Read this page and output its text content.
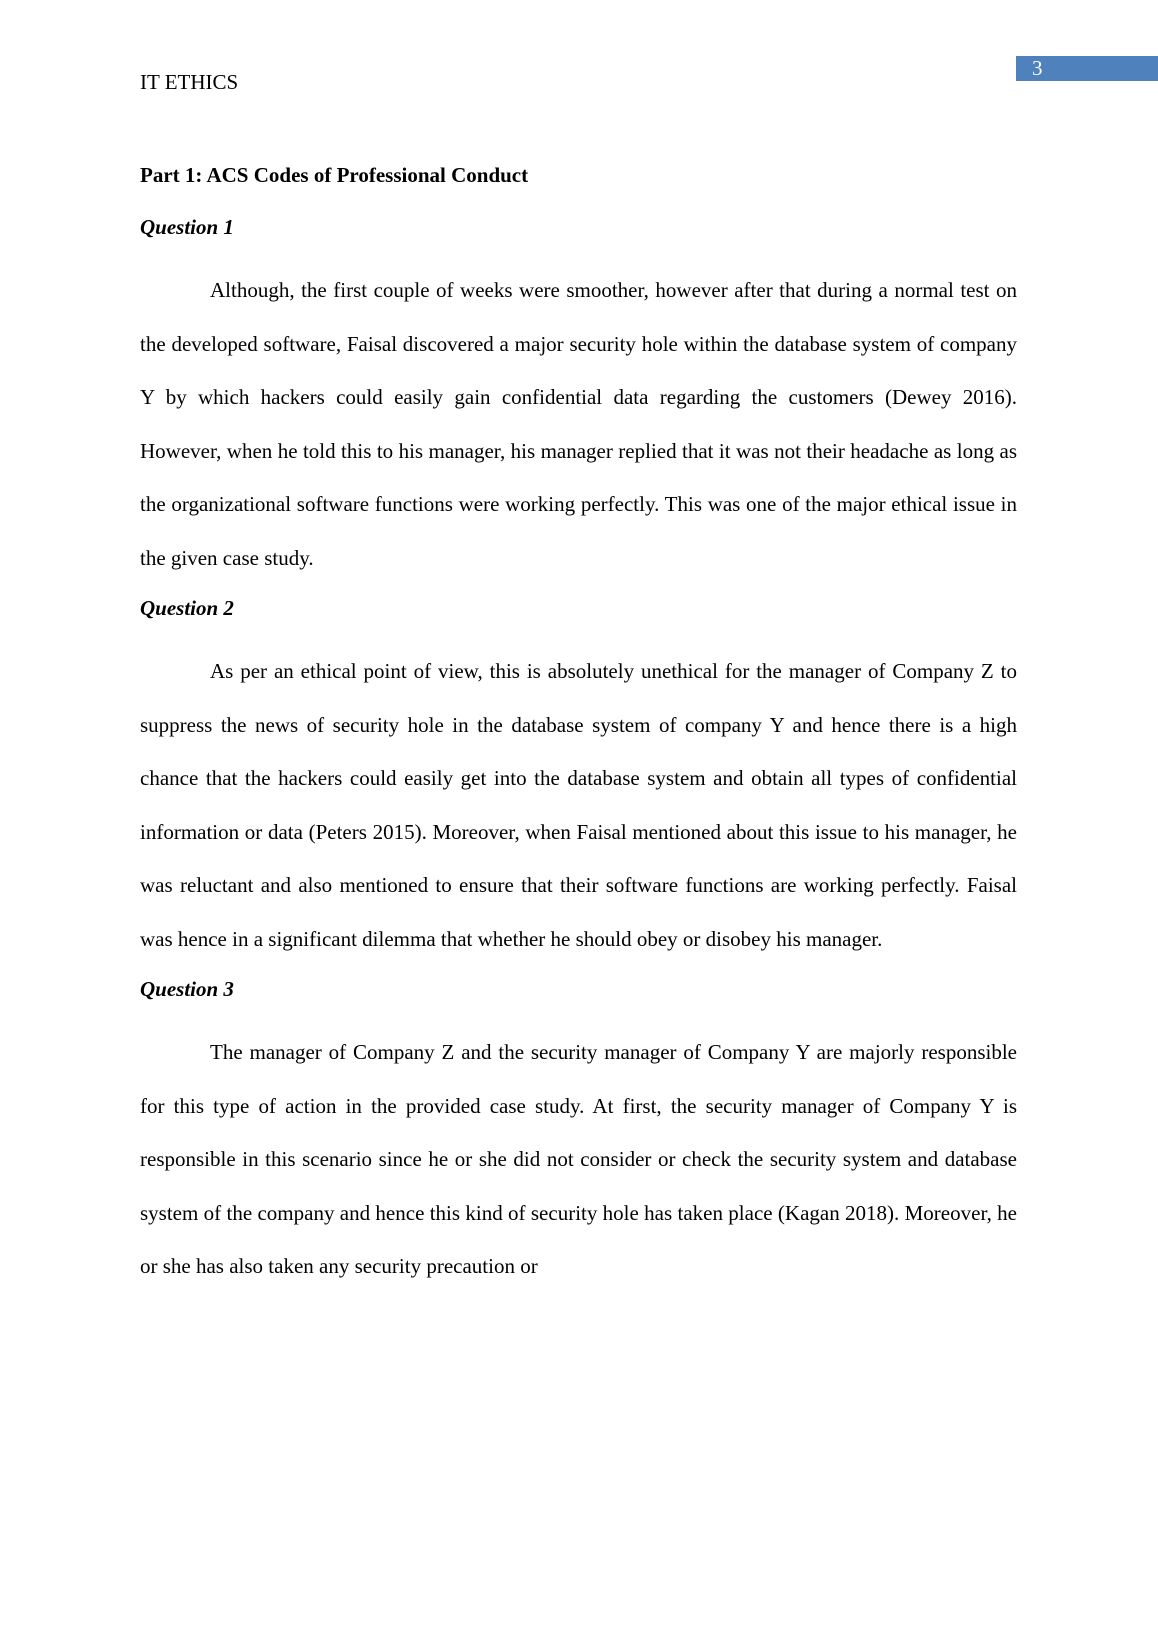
3
IT ETHICS
Part 1: ACS Codes of Professional Conduct
Question 1

Although, the first couple of weeks were smoother, however after that during a normal test on the developed software, Faisal discovered a major security hole within the database system of company Y by which hackers could easily gain confidential data regarding the customers (Dewey 2016). However, when he told this to his manager, his manager replied that it was not their headache as long as the organizational software functions were working perfectly. This was one of the major ethical issue in the given case study.

Question 2

As per an ethical point of view, this is absolutely unethical for the manager of Company Z to suppress the news of security hole in the database system of company Y and hence there is a high chance that the hackers could easily get into the database system and obtain all types of confidential information or data (Peters 2015). Moreover, when Faisal mentioned about this issue to his manager, he was reluctant and also mentioned to ensure that their software functions are working perfectly. Faisal was hence in a significant dilemma that whether he should obey or disobey his manager.

Question 3

The manager of Company Z and the security manager of Company Y are majorly responsible for this type of action in the provided case study. At first, the security manager of Company Y is responsible in this scenario since he or she did not consider or check the security system and database system of the company and hence this kind of security hole has taken place (Kagan 2018). Moreover, he or she has also taken any security precaution or
